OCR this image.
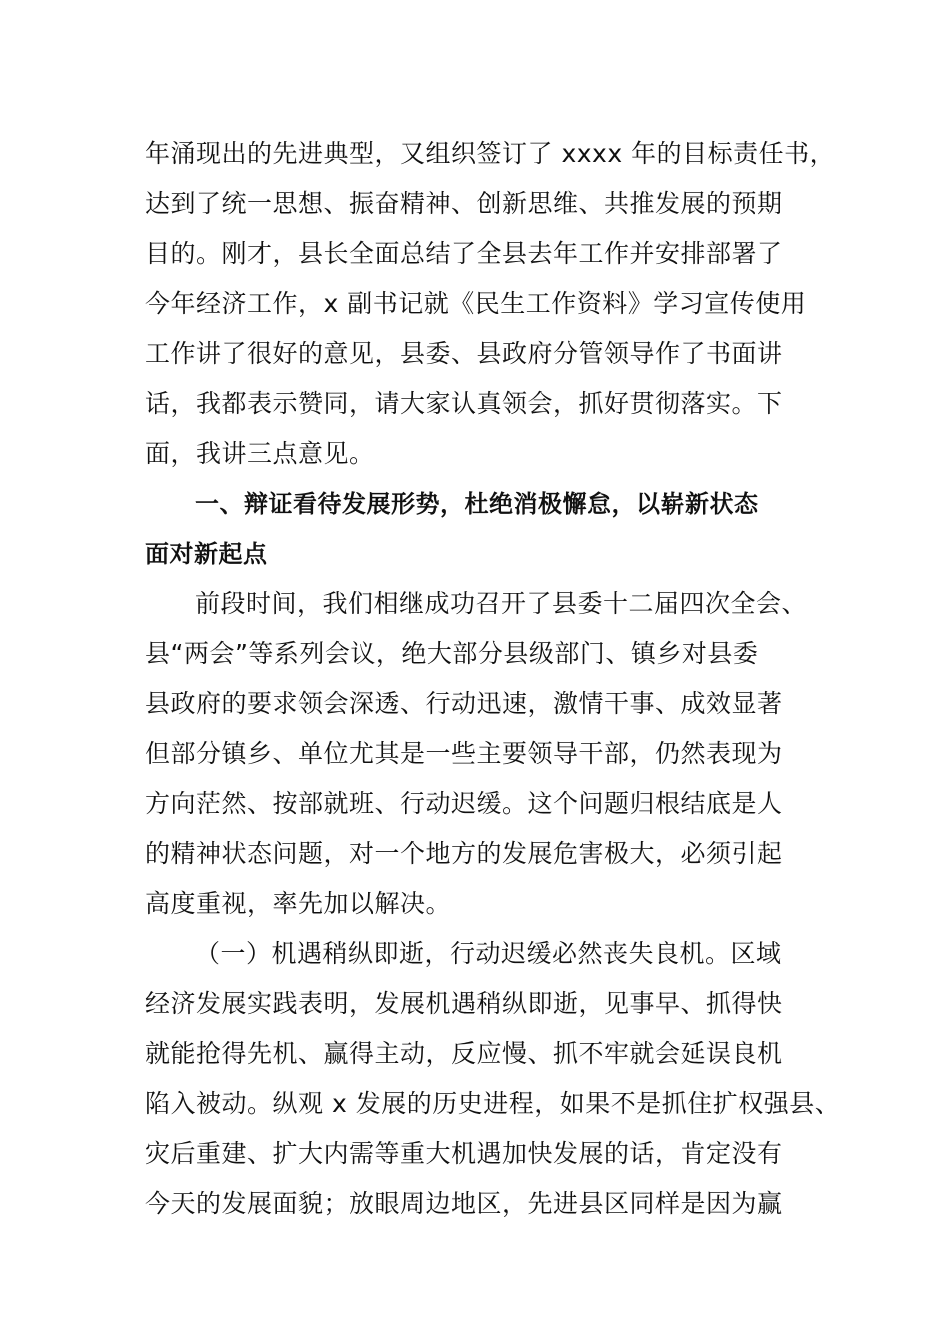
年涌现出的先进典型，又组织签订了 xxxx 年的目标责任书，
达到了统一思想、振奋精神、创新思维、共推发展的预期
目的。刚才，县长全面总结了全县去年工作并安排部署了
今年经济工作，x 副书记就《民生工作资料》学习宣传使用
工作讲了很好的意见，县委、县政府分管领导作了书面讲
话，我都表示赞同，请大家认真领会，抓好贯彻落实。下
面，我讲三点意见。
一、辩证看待发展形势，杜绝消极懈怠，以崭新状态
面对新起点
前段时间，我们相继成功召开了县委十二届四次全会、
县“两会”等系列会议，绝大部分县级部门、镇乡对县委
县政府的要求领会深透、行动迅速，激情干事、成效显著
但部分镇乡、单位尤其是一些主要领导干部，仍然表现为
方向茫然、按部就班、行动迟缓。这个问题归根结底是人
的精神状态问题，对一个地方的发展危害极大，必须引起
高度重视，率先加以解决。
（一）机遇稍纵即逝，行动迟缓必然丧失良机。区域
经济发展实践表明，发展机遇稍纵即逝，见事早、抓得快
就能抢得先机、赢得主动，反应慢、抓不牢就会延误良机
陷入被动。纵观 x 发展的历史进程，如果不是抓住扩权强县、
灾后重建、扩大内需等重大机遇加快发展的话，肯定没有
今天的发展面貌；放眼周边地区，先进县区同样是因为赢
